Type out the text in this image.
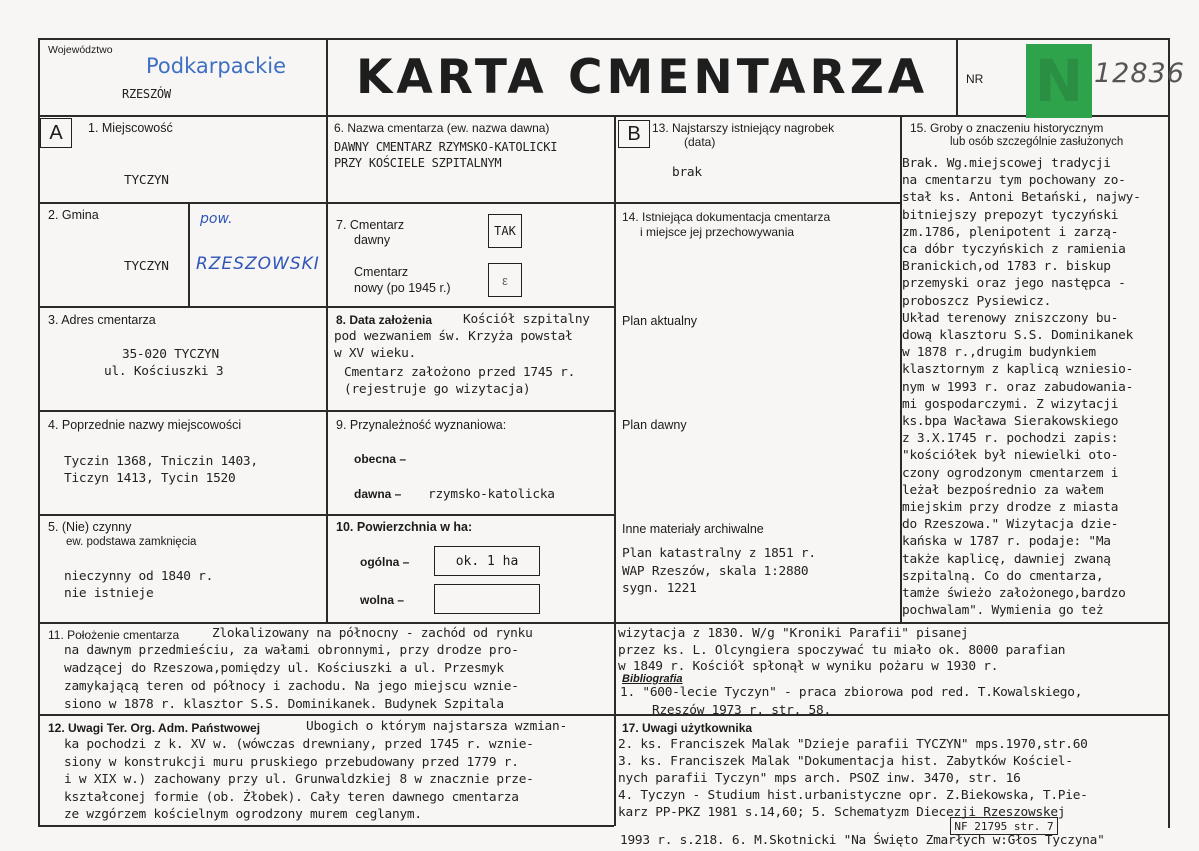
Województwo
Podkarpackie
RZESZÓW	KARTA CMENTARZA	NR N 12836
A	1. Miejscowość
TYCZYN
2. Gmina	pow.
TYCZYN RZESZOWSKI
3. Adres cmentarza
35-020 TYCZYN
ul. Kościuszki 3
4. Poprzednie nazwy miejscowości
Tyczin 1368, Tniczin 1403,
Ticzyn 1413, Tycin 1520
5. (Nie) czynny
ew. podstawa zamknięcia
nieczynny od 1840 r.
nie istnieje
6. Nazwa cmentarza (ew. nazwa dawna)
DAWNY CMENTARZ RZYMSKO-KATOLICKI
PRZY KOŚCIELE SZPITALNYM
7. Cmentarz
dawny
TAK
Cmentarz
nowy (po 1945 r.)
ε
8. Data założenia Kościół szpitalny
pod wezwaniem św. Krzyża powstał
w XV wieku.
Cmentarz założono przed 1745 r.
(rejestruje go wizytacja)
9. Przynależność wyznaniowa:
obecna –
dawna – rzymsko-katolicka
10. Powierzchnia w ha:
ogólna –	ok. 1 ha
wolna –
B 13. Najstarszy istniejący nagrobek
(data)
brak
14. Istniejąca dokumentacja cmentarza
i miejsce jej przechowywania
Plan aktualny
Plan dawny
Inne materiały archiwalne
Plan katastralny z 1851 r.
WAP Rzeszów, skala 1:2880
sygn. 1221
15. Groby o znaczeniu historycznym
lub osób szczególnie zasłużonych
Brak. Wg.miejscowej tradycji
na cmentarzu tym pochowany zo-
stał ks. Antoni Betański, najwy-
bitniejszy prepozyt tyczyński
zm.1786, plenipotent i zarzą-
ca dóbr tyczyńskich z ramienia
Branickich,od 1783 r. biskup
przemyski oraz jego następca -
proboszcz Pysiewicz.
Układ terenowy zniszczony bu-
dową klasztoru S.S. Dominikanek
w 1878 r.,drugim budynkiem
klasztornym z kaplicą wzniesio-
nym w 1993 r. oraz zabudowania-
mi gospodarczymi. Z wizytacji
ks.bpa Wacława Sierakowskiego
z 3.X.1745 r. pochodzi zapis:
"kościółek był niewielki oto-
czony ogrodzonym cmentarzem i
leżał bezpośrednio za wałem
miejskim przy drodze z miasta
do Rzeszowa." Wizytacja dzie-
kańska w 1787 r. podaje: "Ma
także kaplicę, dawniej zwaną
szpitalną. Co do cmentarza,
tamże świeżo założonego,bardzo
pochwalam". Wymienia go też
11. Położenie cmentarza	Zlokalizowany na północny - zachód od rynku
na dawnym przedmieściu, za wałami obronnymi, przy drodze pro-
wadzącej do Rzeszowa,pomiędzy ul. Kościuszki a ul. Przesmyk
zamykającą teren od północy i zachodu. Na jego miejscu wznie-
siono w 1878 r. klasztor S.S. Dominikanek. Budynek Szpitala
wizytacja z 1830. W/g "Kroniki Parafii" pisanej
przez ks. L. Olcyngiera spoczywać tu miało ok. 8000 parafian
w 1849 r. Kościół spłonął w wyniku pożaru w 1930 r.
Bibliografia
1. "600-lecie Tyczyn" - praca zbiorowa pod red. T.Kowalskiego,
Rzeszów 1973 r. str. 58.
12. Uwagi Ter. Org. Adm. Państwowej	Ubogich o którym najstarsza wzmian-
ka pochodzi z k. XV w. (wówczas drewniany, przed 1745 r. wznie-
siony w konstrukcji muru pruskiego przebudowany przed 1779 r.
i w XIX w.) zachowany przy ul. Grunwaldzkiej 8 w znacznie prze-
kształconej formie (ob. Żłobek). Cały teren dawnego cmentarza
ze wzgórzem kościelnym ogrodzony murem ceglanym.
17. Uwagi użytkownika
2. ks. Franciszek Malak "Dzieje parafii TYCZYN" mps.1970,str.60
3. ks. Franciszek Malak "Dokumentacja hist. Zabytków Kościel-
nych parafii Tyczyn" mps arch. PSOZ inw. 3470, str. 16
4. Tyczyn - Studium hist.urbanistyczne opr. Z.Biekowska, T.Pie-
karz PP-PKZ 1981 s.14,60; 5. Schematyzm Diecezji Rzeszowskej
NF 21795 str. 7
1993 r. s.218. 6. M.Skotnicki "Na Święto Zmarłych w:Głos Tyczyna"
